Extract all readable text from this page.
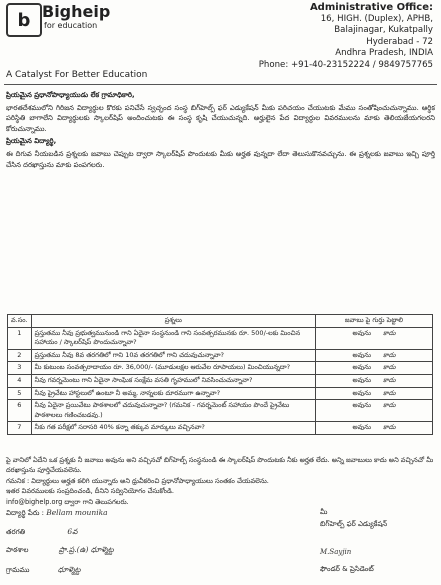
b Bigheip
for education
A Catalyst For Better Education
Administrative Office:
16, HIGH. (Duplex), APHB,
Balajinagar, Kukatpally
Hyderabad - 72
Andhra Pradesh, INDIA
Phone: +91-40-23152224 / 9849757765

ప్రియమైన ప్రధానోపాధ్యాయుడు లేక గ్రామాధికారి,

భారతదేశములోని గిరిజన విద్యార్థుల కొరకు పనిచేసే స్వచ్ఛంద సంస్థ బిగ్‌హెల్ప్ ఫర్ ఎడ్యుకేషన్ మీకు పరిచయం చేయుటకు మేము సంతోషించుచున్నాము. ఆర్థిక పరిస్థితి బాగాలేని విద్యార్థులకు స్కాలర్‌షిప్ అందించుటకు ఈ సంస్థ కృషి చేయుచున్నది. అర్హులైన పేద విద్యార్థుల వివరములను మాకు తెలియజేయగలరని కోరుచున్నాము.

ప్రియమైన విద్యార్థి,

ఈ దిగువ నీయబడిన ప్రశ్నలకు జవాబు చెప్పుట ద్వారా స్కాలర్‌షిప్ పొందుటకు మీకు అర్హత వున్నదా లేదా తెలుసుకొనవచ్చును. ఈ ప్రశ్నలకు జవాబు ఇచ్చి పూర్తి చేసిన దరఖాస్తును మాకు పంపగలరు.

వ.సం.	ప్రశ్నలు	జవాబు పై గుర్తు పెట్టాలి
1	ప్రస్తుతము నీవు ప్రభుత్వమునుండి గాని ఏదైనా సంస్థనుండి గాని సంవత్సరమునకు రూ. 500/-లకు మించిన సహాయం / స్కాలర్‌షిప్ పొందుచున్నావా?	అవును కాదు

2	ప్రస్తుతము నీవు 8వ తరగతిలో గాని 10వ తరగతిలో గాని చదువుచున్నావా?	అవును కాదు

3	మీ కుటుంబ సంవత్సరాదాయం రూ. 36,000/- (మూడులక్షల ఆరువేల రూపాయలు) మించియున్నదా?	అవును కాదు

4	నీవు గవర్నమెంటు గాని ఏదైనా సాంఘిక సంక్షేమ వసతి గృహములో నివసించుచున్నావా?	అవును కాదు

5	నీవు ప్రైవేటు హాస్టలులో ఉంటూ నీ అమ్మ, నాన్నలకు దూరముగా ఉన్నావా?	అవును కాదు

6	నీవు ఏదైనా ప్రయివేటు పాఠశాలలో చదువుచున్నావా? (గమనిక - గవర్నమెంట్ సహాయం పొందే ప్రైవేటు పాఠశాలలు గణించబడవు.)	అవును కాదు

7	నీకు గత పరీక్షలో సరాసరి 40% కన్నా తక్కువ మార్కులు వచ్చినవా?	అవును కాదు

పై వానిలో ఏదేని ఒక ప్రశ్నకు నీ జవాబు అవును అని వచ్చినచో బిగ్‌హెల్ప్ సంస్థనుండి ఈ స్కాలర్‌షిప్ పొందుటకు నీకు అర్హత లేదు. అన్ని జవాబులు కాదు అని వచ్చినచో మీ దరఖాస్తును పూర్తిచేయవలెను.

గమనిక : విద్యార్థులు అర్హత కలిగి యున్నారు అని ధ్రువీకరించి ప్రధానోపాధ్యాయులు సంతకం చేయవలెను.

ఇతర వివరములకు సంప్రదించండి, దీనిని సద్వినియోగం చేసుకోండి.

info@bighelp.org ద్వారా గాని తెలుపగలరు.

విద్యార్థి పేరు : Bellam mounika
తరగతి	6వ
పాఠశాల	ప్రా.ప్ర.(ఉ) ధూళ్మెట్ట
గ్రామము	ధూళ్మెట్ట
మీ
బిగ్‌హెల్ప్ ఫర్ ఎడ్యుకేషన్
M.Sayjin
ఫౌండర్ & ప్రెసిడెంట్
